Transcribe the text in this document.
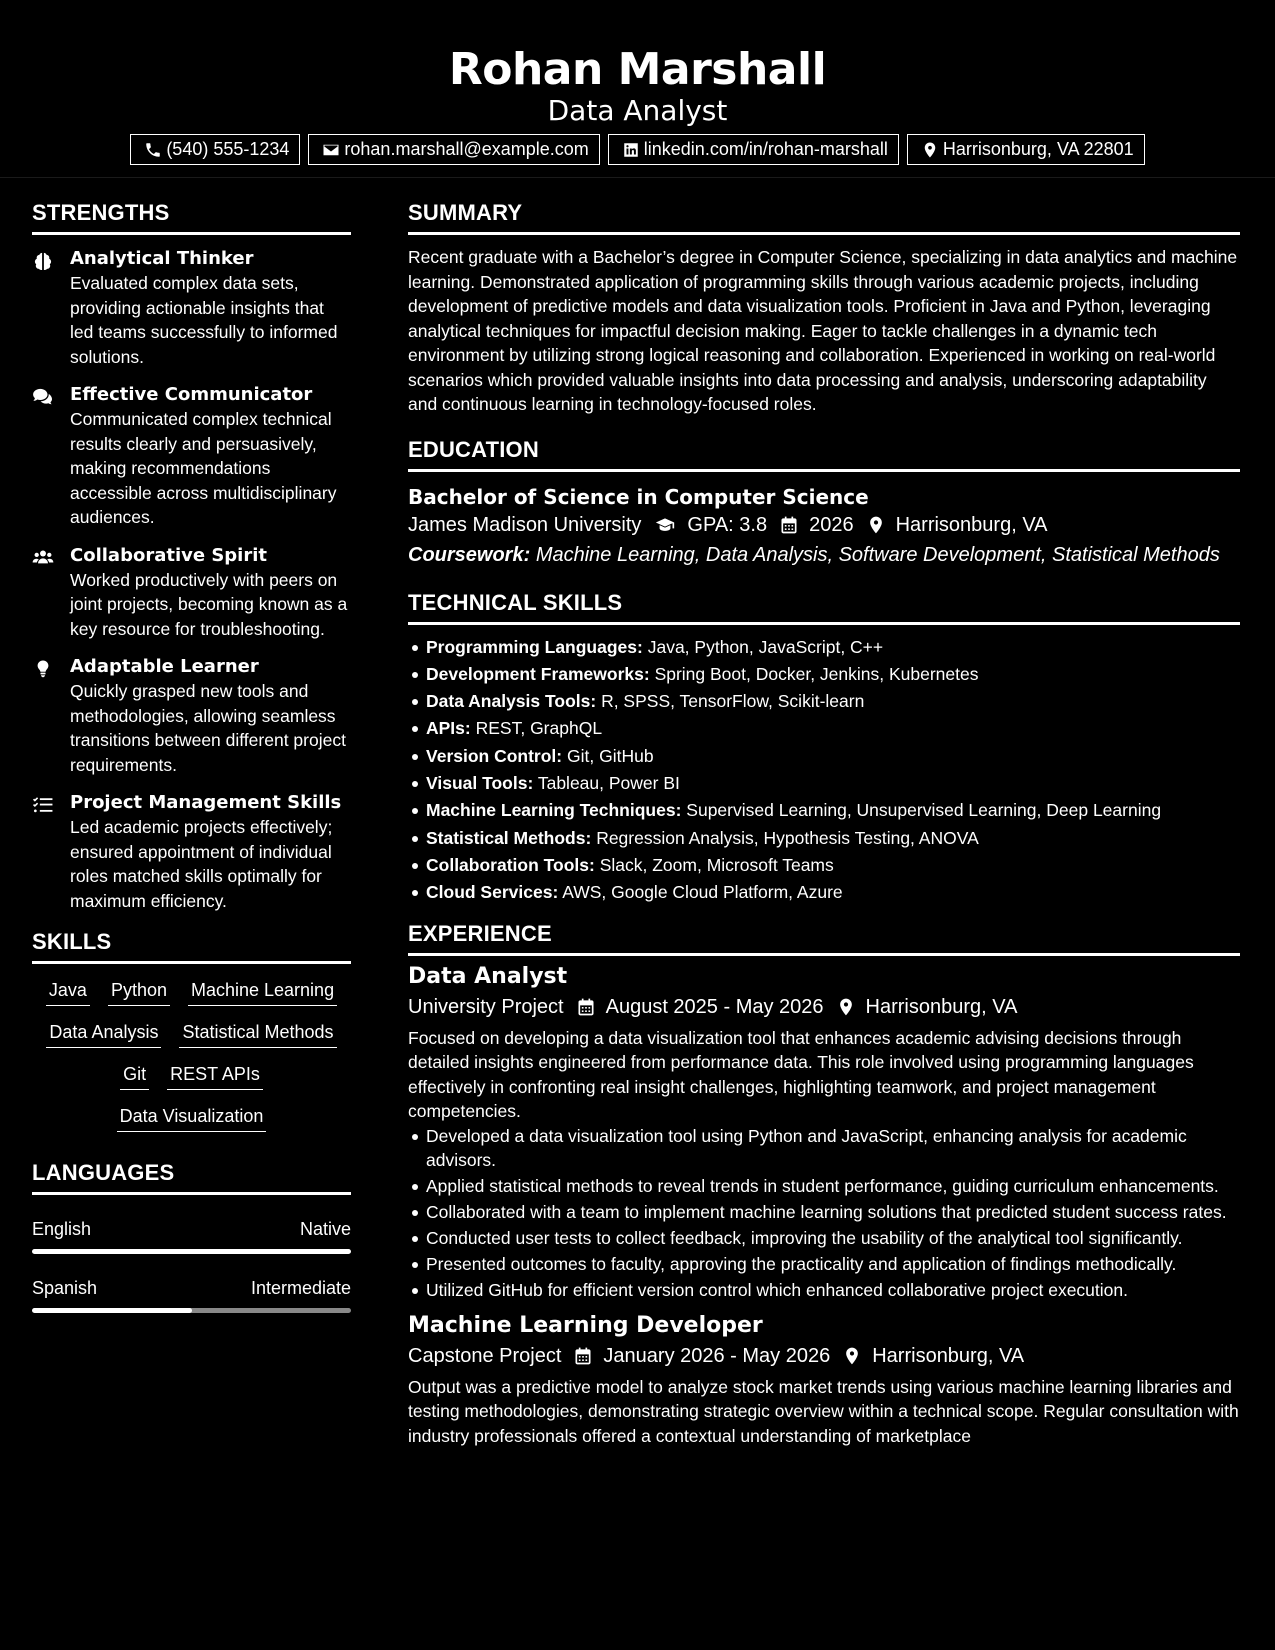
Rohan Marshall
Data Analyst
(540) 555-1234	rohan.marshall@example.com	linkedin.com/in/rohan-marshall	Harrisonburg, VA 22801
STRENGTHS
Analytical Thinker
Evaluated complex data sets, providing actionable insights that led teams successfully to informed solutions.
Effective Communicator
Communicated complex technical results clearly and persuasively, making recommendations accessible across multidisciplinary audiences.
Collaborative Spirit
Worked productively with peers on joint projects, becoming known as a key resource for troubleshooting.
Adaptable Learner
Quickly grasped new tools and methodologies, allowing seamless transitions between different project requirements.
Project Management Skills
Led academic projects effectively; ensured appointment of individual roles matched skills optimally for maximum efficiency.
SKILLS
Java Python Machine Learning
Data Analysis Statistical Methods
Git REST APIs
Data Visualization
LANGUAGES
English	Native
Spanish	Intermediate
SUMMARY
Recent graduate with a Bachelor’s degree in Computer Science, specializing in data analytics and machine learning. Demonstrated application of programming skills through various academic projects, including development of predictive models and data visualization tools. Proficient in Java and Python, leveraging analytical techniques for impactful decision making. Eager to tackle challenges in a dynamic tech environment by utilizing strong logical reasoning and collaboration. Experienced in working on real-world scenarios which provided valuable insights into data processing and analysis, underscoring adaptability and continuous learning in technology-focused roles.
EDUCATION
Bachelor of Science in Computer Science
James Madison University GPA: 3.8 2026 Harrisonburg, VA
Coursework: Machine Learning, Data Analysis, Software Development, Statistical Methods
TECHNICAL SKILLS
Programming Languages: Java, Python, JavaScript, C++
Development Frameworks: Spring Boot, Docker, Jenkins, Kubernetes
Data Analysis Tools: R, SPSS, TensorFlow, Scikit-learn
APIs: REST, GraphQL
Version Control: Git, GitHub
Visual Tools: Tableau, Power BI
Machine Learning Techniques: Supervised Learning, Unsupervised Learning, Deep Learning
Statistical Methods: Regression Analysis, Hypothesis Testing, ANOVA
Collaboration Tools: Slack, Zoom, Microsoft Teams
Cloud Services: AWS, Google Cloud Platform, Azure
EXPERIENCE
Data Analyst
University Project August 2025 - May 2026 Harrisonburg, VA
Focused on developing a data visualization tool that enhances academic advising decisions through detailed insights engineered from performance data. This role involved using programming languages effectively in confronting real insight challenges, highlighting teamwork, and project management competencies.
Developed a data visualization tool using Python and JavaScript, enhancing analysis for academic advisors.
Applied statistical methods to reveal trends in student performance, guiding curriculum enhancements.
Collaborated with a team to implement machine learning solutions that predicted student success rates.
Conducted user tests to collect feedback, improving the usability of the analytical tool significantly.
Presented outcomes to faculty, approving the practicality and application of findings methodically.
Utilized GitHub for efficient version control which enhanced collaborative project execution.
Machine Learning Developer
Capstone Project January 2026 - May 2026 Harrisonburg, VA
Output was a predictive model to analyze stock market trends using various machine learning libraries and testing methodologies, demonstrating strategic overview within a technical scope. Regular consultation with industry professionals offered a contextual understanding of marketplace
